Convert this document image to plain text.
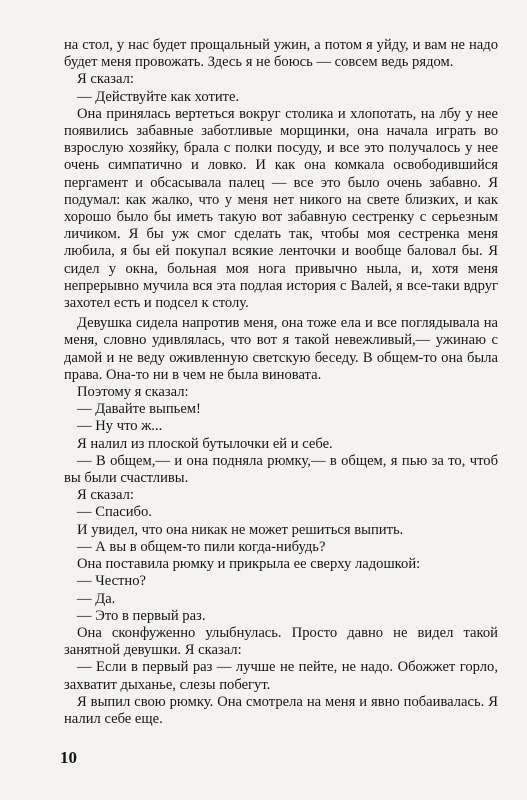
на стол, у нас будет прощальный ужин, а потом я уйду, и вам не надо будет меня провожать. Здесь я не боюсь — совсем ведь рядом.

Я сказал:

— Действуйте как хотите.

Она принялась вертеться вокруг столика и хлопотать, на лбу у нее появились забавные заботливые морщинки, она начала играть во взрослую хозяйку, брала с полки посуду, и все это получалось у нее очень симпатично и ловко. И как она комкала освободившийся пергамент и обсасывала палец — все это было очень забавно. Я подумал: как жалко, что у меня нет никого на свете близких, и как хорошо было бы иметь такую вот забавную сестренку с серьезным личиком. Я бы уж смог сделать так, чтобы моя сестренка меня любила, я бы ей покупал всякие ленточки и вообще баловал бы. Я сидел у окна, больная моя нога привычно ныла, и, хотя меня непрерывно мучила вся эта подлая история с Валей, я все-таки вдруг захотел есть и подсел к столу.

Девушка сидела напротив меня, она тоже ела и все поглядывала на меня, словно удивлялась, что вот я такой невежливый,— ужинаю с дамой и не веду оживленную светскую беседу. В общем-то она была права. Она-то ни в чем не была виновата.

Поэтому я сказал:

— Давайте выпьем!

— Ну что ж...

Я налил из плоской бутылочки ей и себе.

— В общем,— и она подняла рюмку,— в общем, я пью за то, чтоб вы были счастливы.

Я сказал:

— Спасибо.

И увидел, что она никак не может решиться выпить.

— А вы в общем-то пили когда-нибудь?

Она поставила рюмку и прикрыла ее сверху ладошкой:

— Честно?

— Да.

— Это в первый раз.

Она сконфуженно улыбнулась. Просто давно не видел такой занятной девушки. Я сказал:

— Если в первый раз — лучше не пейте, не надо. Обожжет горло, захватит дыханье, слезы побегут.

Я выпил свою рюмку. Она смотрела на меня и явно побаивалась. Я налил себе еще.

10
